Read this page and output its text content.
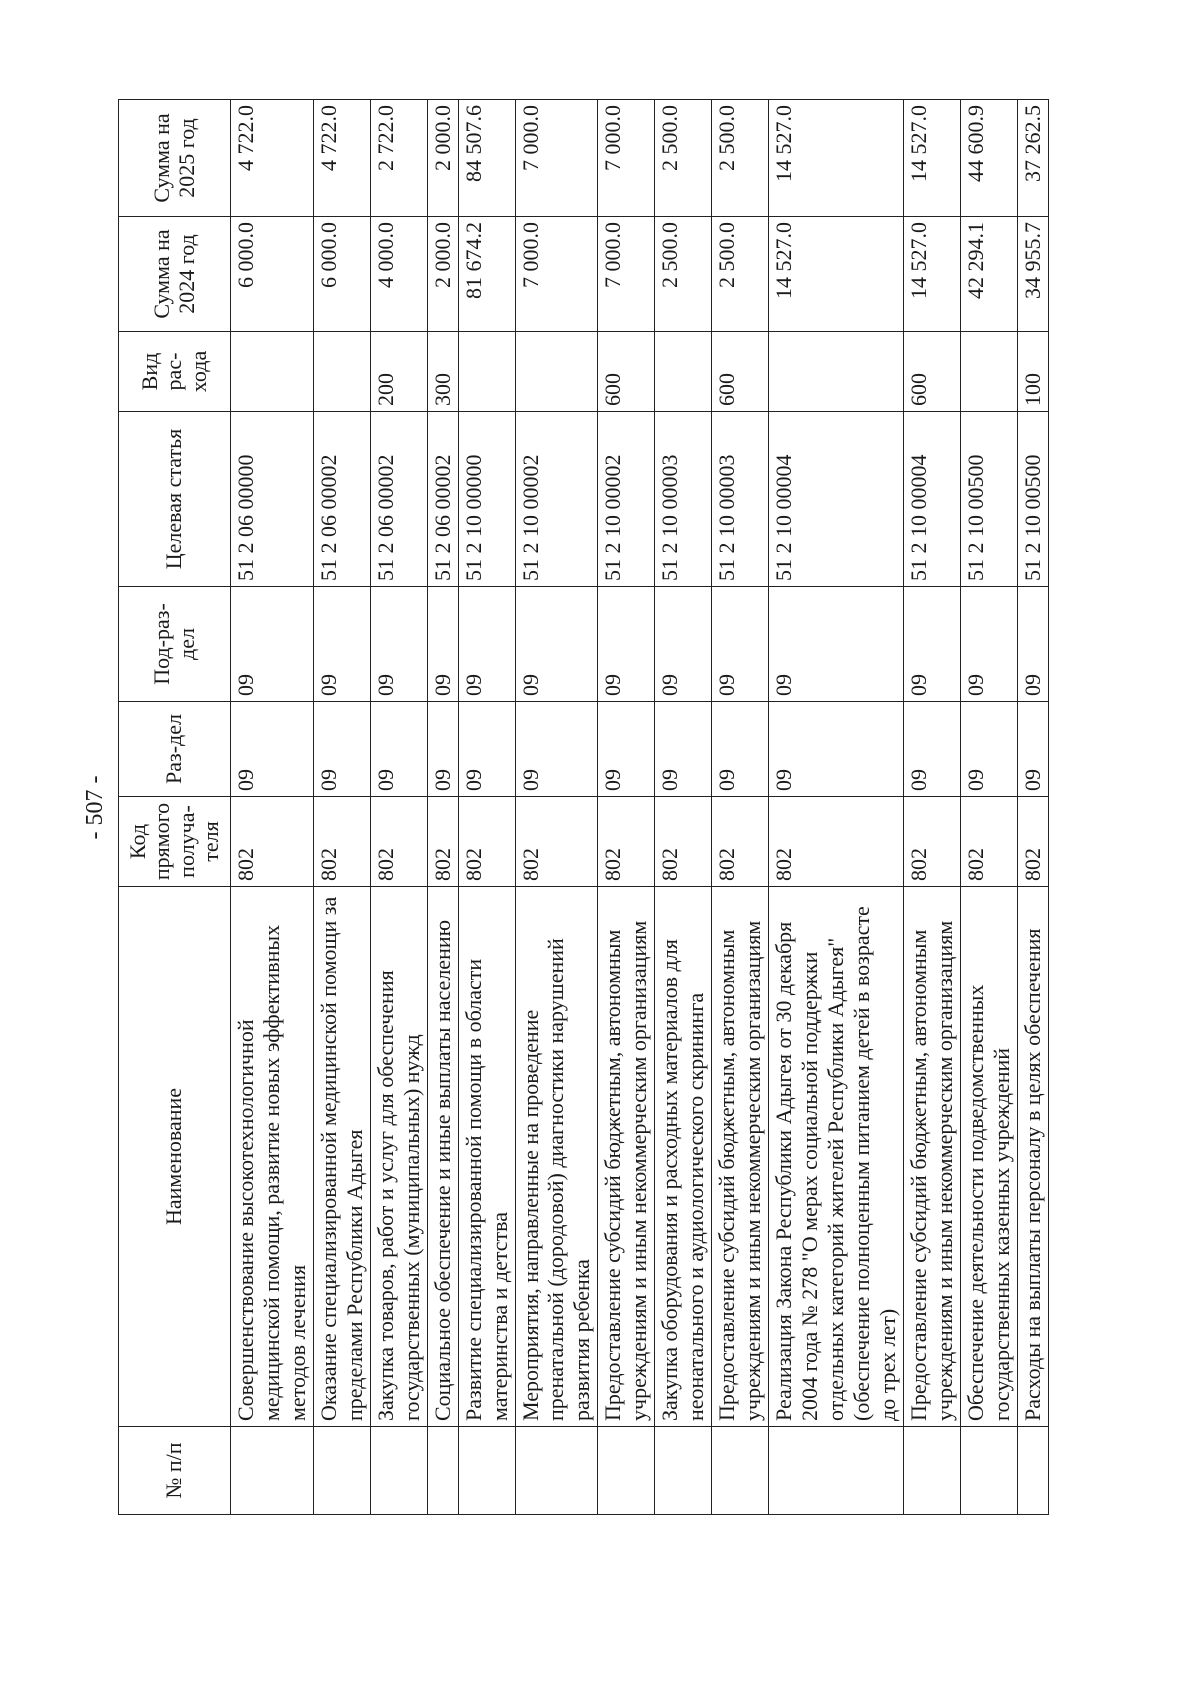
- 507 -
№ п/п	Наименование	Код прямого получа-теля	Раз-дел	Под-раз-дел	Целевая статья	Вид рас-хода	Сумма на 2024 год	Сумма на 2025 год
	Совершенствование высокотехнологичной медицинской помощи, развитие новых эффективных методов лечения	802	09	09	51 2 06 00000		6 000.0	4 722.0
	Оказание специализированной медицинской помощи за пределами Республики Адыгея	802	09	09	51 2 06 00002		6 000.0	4 722.0
	Закупка товаров, работ и услуг для обеспечения государственных (муниципальных) нужд	802	09	09	51 2 06 00002	200	4 000.0	2 722.0
	Социальное обеспечение и иные выплаты населению	802	09	09	51 2 06 00002	300	2 000.0	2 000.0
	Развитие специализированной помощи в области материнства и детства	802	09	09	51 2 10 00000		81 674.2	84 507.6
	Мероприятия, направленные на проведение пренатальной (дородовой) диагностики нарушений развития ребенка	802	09	09	51 2 10 00002		7 000.0	7 000.0
	Предоставление субсидий бюджетным, автономным учреждениям и иным некоммерческим организациям	802	09	09	51 2 10 00002	600	7 000.0	7 000.0
	Закупка оборудования и расходных материалов для неонатального и аудиологического скрининга	802	09	09	51 2 10 00003		2 500.0	2 500.0
	Предоставление субсидий бюджетным, автономным учреждениям и иным некоммерческим организациям	802	09	09	51 2 10 00003	600	2 500.0	2 500.0
	Реализация Закона Республики Адыгея от 30 декабря 2004 года № 278 "О мерах социальной поддержки отдельных категорий жителей Республики Адыгея" (обеспечение полноценным питанием детей в возрасте до трех лет)	802	09	09	51 2 10 00004		14 527.0	14 527.0
	Предоставление субсидий бюджетным, автономным учреждениям и иным некоммерческим организациям	802	09	09	51 2 10 00004	600	14 527.0	14 527.0
	Обеспечение деятельности подведомственных государственных казенных учреждений	802	09	09	51 2 10 00500		42 294.1	44 600.9
	Расходы на выплаты персоналу в целях обеспечения	802	09	09	51 2 10 00500	100	34 955.7	37 262.5
